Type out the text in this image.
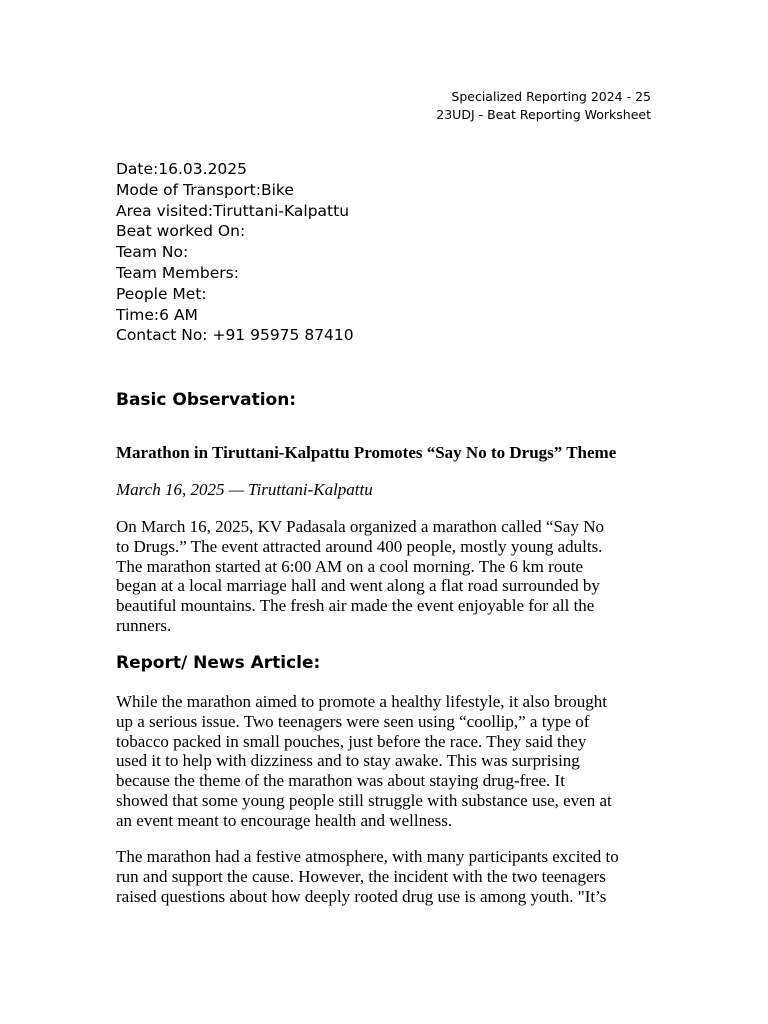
Specialized Reporting 2024 - 25
23UDJ - Beat Reporting Worksheet
Date:16.03.2025
Mode of Transport:Bike
Area visited:Tiruttani-Kalpattu
Beat worked On:
Team No:
Team Members:
People Met:
Time:6 AM
Contact No: +91 95975 87410
Basic Observation:
Marathon in Tiruttani-Kalpattu Promotes “Say No to Drugs” Theme
March 16, 2025 — Tiruttani-Kalpattu
On March 16, 2025, KV Padasala organized a marathon called “Say No
to Drugs.” The event attracted around 400 people, mostly young adults.
The marathon started at 6:00 AM on a cool morning. The 6 km route
began at a local marriage hall and went along a flat road surrounded by
beautiful mountains. The fresh air made the event enjoyable for all the
runners.
Report/ News Article:
While the marathon aimed to promote a healthy lifestyle, it also brought
up a serious issue. Two teenagers were seen using “coollip,” a type of
tobacco packed in small pouches, just before the race. They said they
used it to help with dizziness and to stay awake. This was surprising
because the theme of the marathon was about staying drug-free. It
showed that some young people still struggle with substance use, even at
an event meant to encourage health and wellness.
The marathon had a festive atmosphere, with many participants excited to
run and support the cause. However, the incident with the two teenagers
raised questions about how deeply rooted drug use is among youth. "It’s
